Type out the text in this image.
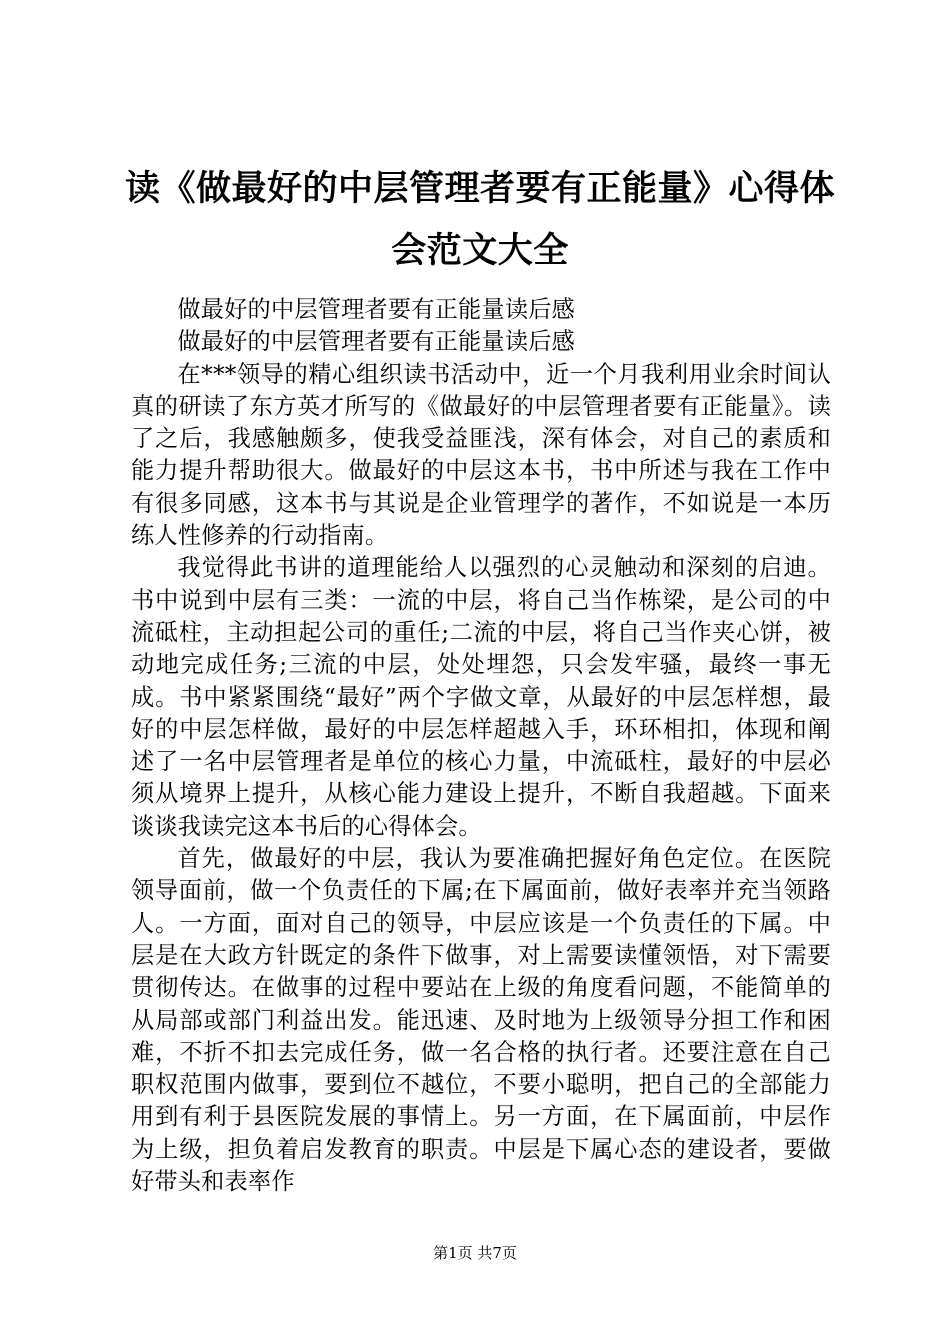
读《做最好的中层管理者要有正能量》心得体
会范文大全

做最好的中层管理者要有正能量读后感

做最好的中层管理者要有正能量读后感

在***领导的精心组织读书活动中，近一个月我利用业余时间认真的研读了东方英才所写的《做最好的中层管理者要有正能量》。读了之后，我感触颇多，使我受益匪浅，深有体会，对自己的素质和能力提升帮助很大。做最好的中层这本书，书中所述与我在工作中有很多同感，这本书与其说是企业管理学的著作，不如说是一本历练人性修养的行动指南。

我觉得此书讲的道理能给人以强烈的心灵触动和深刻的启迪。书中说到中层有三类：一流的中层，将自己当作栋梁，是公司的中流砥柱，主动担起公司的重任;二流的中层，将自己当作夹心饼，被动地完成任务;三流的中层，处处埋怨，只会发牢骚，最终一事无成。书中紧紧围绕“最好”两个字做文章，从最好的中层怎样想，最好的中层怎样做，最好的中层怎样超越入手，环环相扣，体现和阐述了一名中层管理者是单位的核心力量，中流砥柱，最好的中层必须从境界上提升，从核心能力建设上提升，不断自我超越。下面来谈谈我读完这本书后的心得体会。

首先，做最好的中层，我认为要准确把握好角色定位。在医院领导面前，做一个负责任的下属;在下属面前，做好表率并充当领路人。一方面，面对自己的领导，中层应该是一个负责任的下属。中层是在大政方针既定的条件下做事，对上需要读懂领悟，对下需要贯彻传达。在做事的过程中要站在上级的角度看问题，不能简单的从局部或部门利益出发。能迅速、及时地为上级领导分担工作和困难，不折不扣去完成任务，做一名合格的执行者。还要注意在自己职权范围内做事，要到位不越位，不要小聪明，把自己的全部能力用到有利于县医院发展的事情上。另一方面，在下属面前，中层作为上级，担负着启发教育的职责。中层是下属心态的建设者，要做好带头和表率作

第1页 共7页
